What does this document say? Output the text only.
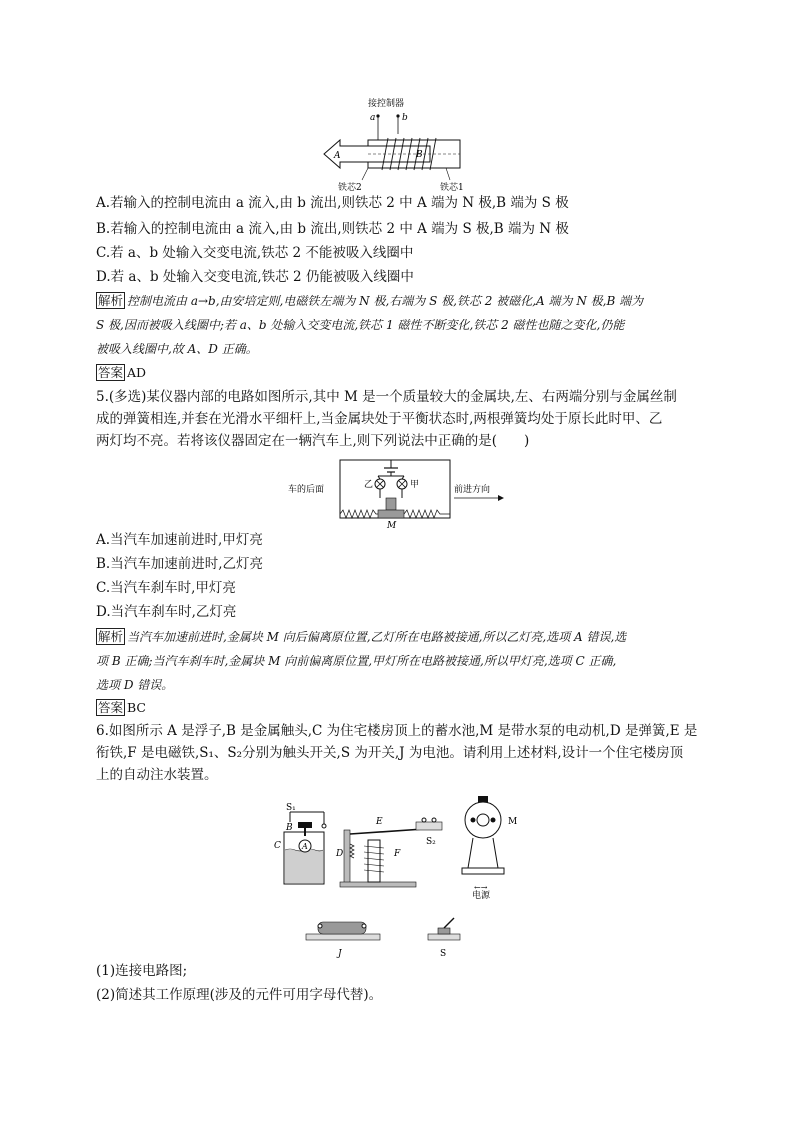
接控制器
a	b
A	B
铁芯2	铁芯1
A.若输入的控制电流由 a 流入,由 b 流出,则铁芯 2 中 A 端为 N 极,B 端为 S 极
B.若输入的控制电流由 a 流入,由 b 流出,则铁芯 2 中 A 端为 S 极,B 端为 N 极
C.若 a、b 处输入交变电流,铁芯 2 不能被吸入线圈中
D.若 a、b 处输入交变电流,铁芯 2 仍能被吸入线圈中
解析 控制电流由 a→b,由安培定则,电磁铁左端为 N 极,右端为 S 极,铁芯 2 被磁化,A 端为 N 极,B 端为
S 极,因而被吸入线圈中;若 a、b 处输入交变电流,铁芯 1 磁性不断变化,铁芯 2 磁性也随之变化,仍能
被吸入线圈中,故 A、D 正确。
答案 AD
5.(多选)某仪器内部的电路如图所示,其中 M 是一个质量较大的金属块,左、右两端分别与金属丝制
成的弹簧相连,并套在光滑水平细杆上,当金属块处于平衡状态时,两根弹簧均处于原长此时甲、乙
两灯均不亮。若将该仪器固定在一辆汽车上,则下列说法中正确的是(　　)
车的后面	前进方向
乙	甲
M
A.当汽车加速前进时,甲灯亮
B.当汽车加速前进时,乙灯亮
C.当汽车刹车时,甲灯亮
D.当汽车刹车时,乙灯亮
解析 当汽车加速前进时,金属块 M 向后偏离原位置,乙灯所在电路被接通,所以乙灯亮,选项 A 错误,选
项 B 正确;当汽车刹车时,金属块 M 向前偏离原位置,甲灯所在电路被接通,所以甲灯亮,选项 C 正确,
选项 D 错误。
答案 BC
6.如图所示 A 是浮子,B 是金属触头,C 为住宅楼房顶上的蓄水池,M 是带水泵的电动机,D 是弹簧,E 是
衔铁,F 是电磁铁,S₁、S₂分别为触头开关,S 为开关,J 为电池。请利用上述材料,设计一个住宅楼房顶
上的自动注水装置。
S₁
B
A
C
E
D	F
S₂
M
←→
电源
J	S
(1)连接电路图;
(2)简述其工作原理(涉及的元件可用字母代替)。
